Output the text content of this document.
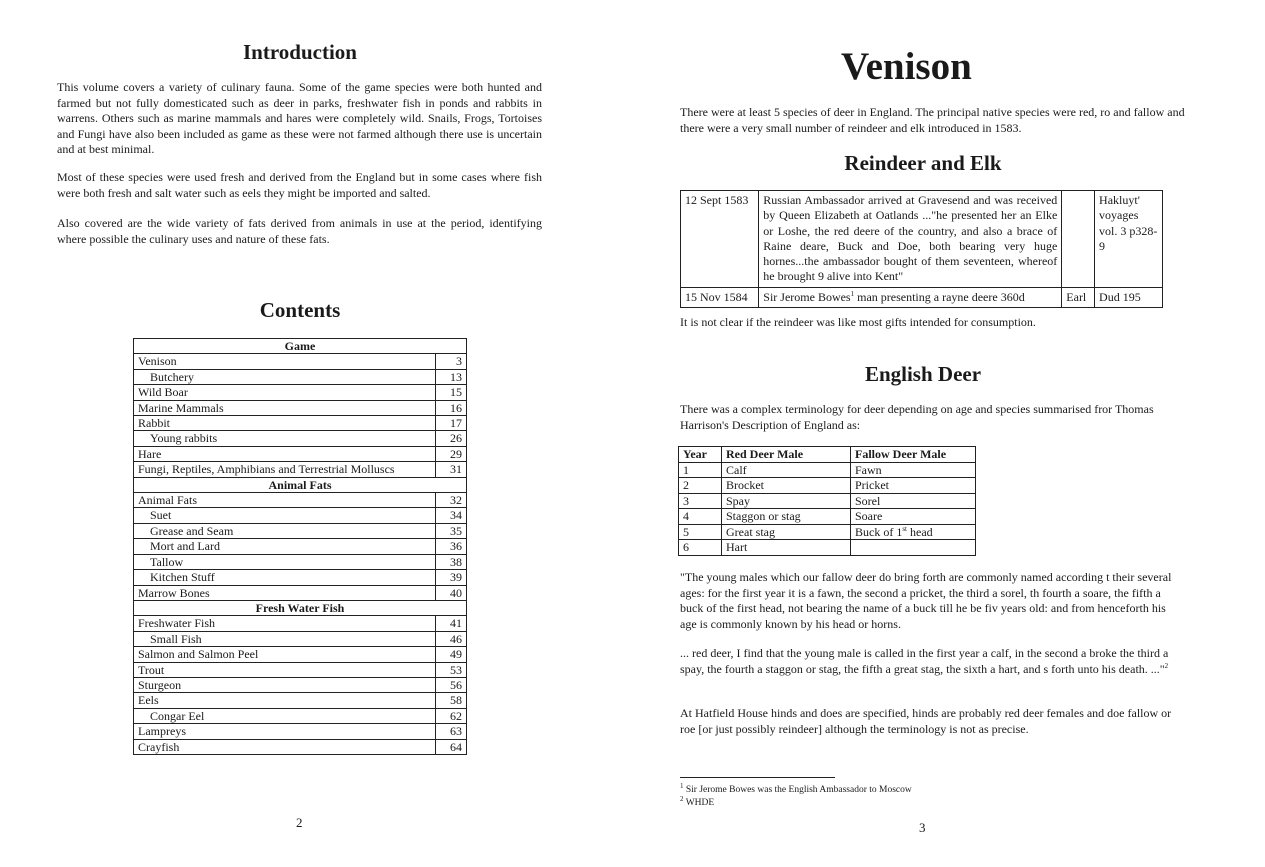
Introduction
This volume covers a variety of culinary fauna. Some of the game species were both hunted and farmed but not fully domesticated such as deer in parks, freshwater fish in ponds and rabbits in warrens. Others such as marine mammals and hares were completely wild. Snails, Frogs, Tortoises and Fungi have also been included as game as these were not farmed although there use is uncertain and at best minimal.
Most of these species were used fresh and derived from the England but in some cases where fish were both fresh and salt water such as eels they might be imported and salted.
Also covered are the wide variety of fats derived from animals in use at the period, identifying where possible the culinary uses and nature of these fats.
Contents
Game	
Venison	3
Butchery	13
Wild Boar	15
Marine Mammals	16
Rabbit	17
Young rabbits	26
Hare	29
Fungi, Reptiles, Amphibians and Terrestrial Molluscs	31
Animal Fats	
Animal Fats	32
Suet	34
Grease and Seam	35
Mort and Lard	36
Tallow	38
Kitchen Stuff	39
Marrow Bones	40
Fresh Water Fish	
Freshwater Fish	41
Small Fish	46
Salmon and Salmon Peel	49
Trout	53
Sturgeon	56
Eels	58
Congar Eel	62
Lampreys	63
Crayfish	64
2
Venison
There were at least 5 species of deer in England. The principal native species were red, ro and fallow and there were a very small number of reindeer and elk introduced in 1583.
Reindeer and Elk
12 Sept 1583	Russian Ambassador arrived at Gravesend and was received by Queen Elizabeth at Oatlands ..."he presented her an Elke or Loshe, the red deere of the country, and also a brace of Raine deare, Buck and Doe, both bearing very huge hornes...the ambassador bought of them seventeen, whereof he brought 9 alive into Kent"		Hakluyt' voyages vol. 3 p328-9
15 Nov 1584	Sir Jerome Bowes$^1$ man presenting a rayne deere 360d	Earl	Dud 195
It is not clear if the reindeer was like most gifts intended for consumption.
English Deer
There was a complex terminology for deer depending on age and species summarised fror Thomas Harrison's Description of England as:
Year	Red Deer Male	Fallow Deer Male
1	Calf	Fawn
2	Brocket	Pricket
3	Spay	Sorel
4	Staggon or stag	Soare
5	Great stag	Buck of 1st head
6	Hart	
"The young males which our fallow deer do bring forth are commonly named according t their several ages: for the first year it is a fawn, the second a pricket, the third a sorel, th fourth a soare, the fifth a buck of the first head, not bearing the name of a buck till he be fiv years old: and from henceforth his age is commonly known by his head or horns.
... red deer, I find that the young male is called in the first year a calf, in the second a broke the third a spay, the fourth a staggon or stag, the fifth a great stag, the sixth a hart, and s forth unto his death. ..."$^2$
At Hatfield House hinds and does are specified, hinds are probably red deer females and doe fallow or roe [or just possibly reindeer] although the terminology is not as precise.
$^1$ Sir Jerome Bowes was the English Ambassador to Moscow
$^2$ WHDE
3
